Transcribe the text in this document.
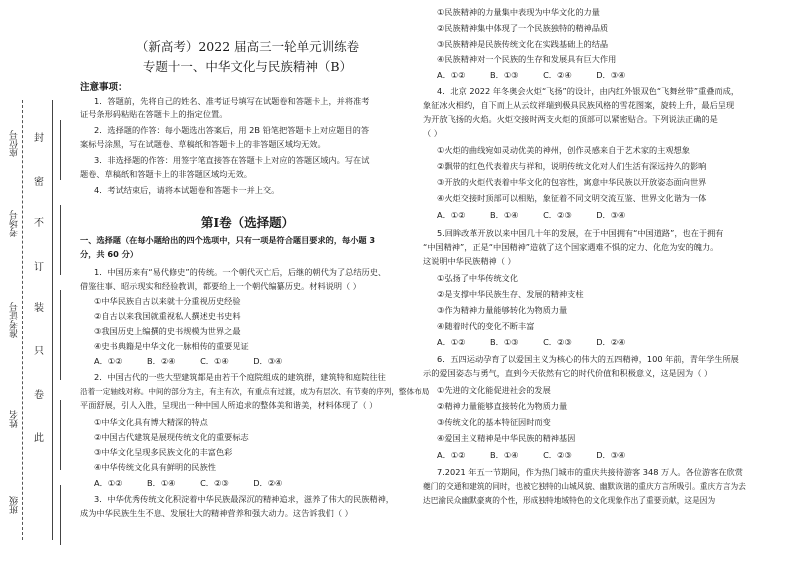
封
密
不
订
装
只
卷
此
座位号
考场号
准考证号
姓名
班级
（新高考）2022 届高三一轮单元训练卷
专题十一、中华文化与民族精神（B）
注意事项：
1．答题前，先将自己的姓名、准考证号填写在试题卷和答题卡上，并将准考
证号条形码粘贴在答题卡上的指定位置。
2．选择题的作答：每小题选出答案后，用 2B 铅笔把答题卡上对应题目的答
案标号涂黑，写在试题卷、草稿纸和答题卡上的非答题区域均无效。
3．非选择题的作答：用签字笔直接答在答题卡上对应的答题区域内。写在试
题卷、草稿纸和答题卡上的非答题区域均无效。
4．考试结束后，请将本试题卷和答题卡一并上交。
第Ⅰ卷（选择题）
一、选择题（在每小题给出的四个选项中，只有一项是符合题目要求的，每小题 3
分，共 60 分）
1．中国历来有“易代修史”的传统。一个朝代灭亡后，后继的朝代为了总结历史、
借鉴往事、昭示现实和经验教训，都要给上一个朝代编纂历史。材料说明（ ）
①中华民族自古以来就十分重视历史经验
②自古以来我国就重视私人撰述史书史料
③我国历史上编撰的史书规模为世界之最
④史书典籍是中华文化一脉相传的重要见证
A．①②　　　B．②④　　　C．①④　　　D．③④
2．中国古代的一些大型建筑都是由若干个庭院组成的建筑群，建筑特和庭院往往
沿着一定轴线对称。中间的部分为主，有主有次，有重点有过渡，成为有层次、有节奏的序列，整体布局
平面舒展，引人入胜，呈现出一种中国人所追求的整体美和谐美，材料体现了（ ）
①中华文化具有博大精深的特点
②中国古代建筑是展现传统文化的重要标志
③中华文化呈现多民族文化的丰富色彩
④中华传统文化具有鲜明的民族性
A．①②　　　B．①④　　　C．②③　　　D．②④
3．中华优秀传统文化积淀着中华民族最深沉的精神追求，滋养了伟大的民族精神，
成为中华民族生生不息、发展壮大的精神营养和强大动力。这告诉我们（ ）
①民族精神的力量集中表现为中华文化的力量
②民族精神集中体现了一个民族独特的精神品质
③民族精神是民族传统文化在实践基础上的结晶
④民族精神对一个民族的生存和发展具有巨大作用
A．①②　　　B．①③　　　C．②④　　　D．③④
4．北京 2022 年冬奥会火炬“飞扬”的设计，由内红外银双色“飞舞丝带”重叠而成，
象征冰火相约，自下而上从云纹祥瑞到极具民族风格的雪花图案，旋转上升，最后呈现
为开放飞扬的火焰。火炬交接时两支火炬的顶部可以紧密贴合。下列说法正确的是
（ ）
①火炬的曲线宛如灵动优美的神州，创作灵感来自于艺术家的主观想象
②飘带的红色代表着庆与祥和，说明传统文化对人们生活有深远持久的影响
③开放的火炬代表着中华文化的包容性，寓意中华民族以开放姿态面向世界
④火炬交接时顶部可以相贴，象征着不同文明交流互鉴、世界文化谐为一体
A．①②　　　B．①④　　　C．②③　　　D．③④
5.回眸改革开放以来中国几十年的发展，在于中国拥有“中国道路”，也在于拥有
“中国精神”，正是“中国精神”造就了这个国家遇难不惧的定力、化危为安的魄力。
这说明中华民族精神（ ）
①弘扬了中华传统文化
②是支撑中华民族生存、发展的精神支柱
③作为精神力量能够转化为物质力量
④随着时代的变化不断丰富
A．①②　　　B．①③　　　C．②③　　　D．②④
6．五四运动孕育了以爱国主义为核心的伟大的五四精神，100 年前，青年学生所展
示的爱国姿态与勇气，直到今天依然有它的时代价值和积极意义，这是因为（ ）
①先进的文化能促进社会的发展
②精神力量能够直接转化为物质力量
③传统文化的基本特征因时而变
④爱国主义精神是中华民族的精神基因
A．①②　　　B．①④　　　C．②③　　　D．③④
7.2021 年五一节期间，作为热门城市的重庆共接待游客 348 万人。各位游客在欣赏
夔门的交通和建筑的同时，也被它独特的山城风貌、幽默诙谐的重庆方言所吸引。重庆方言为去
达巴渝民众幽默豪爽的个性，形成独特地域特色的文化现象作出了重要贡献，这是因为
